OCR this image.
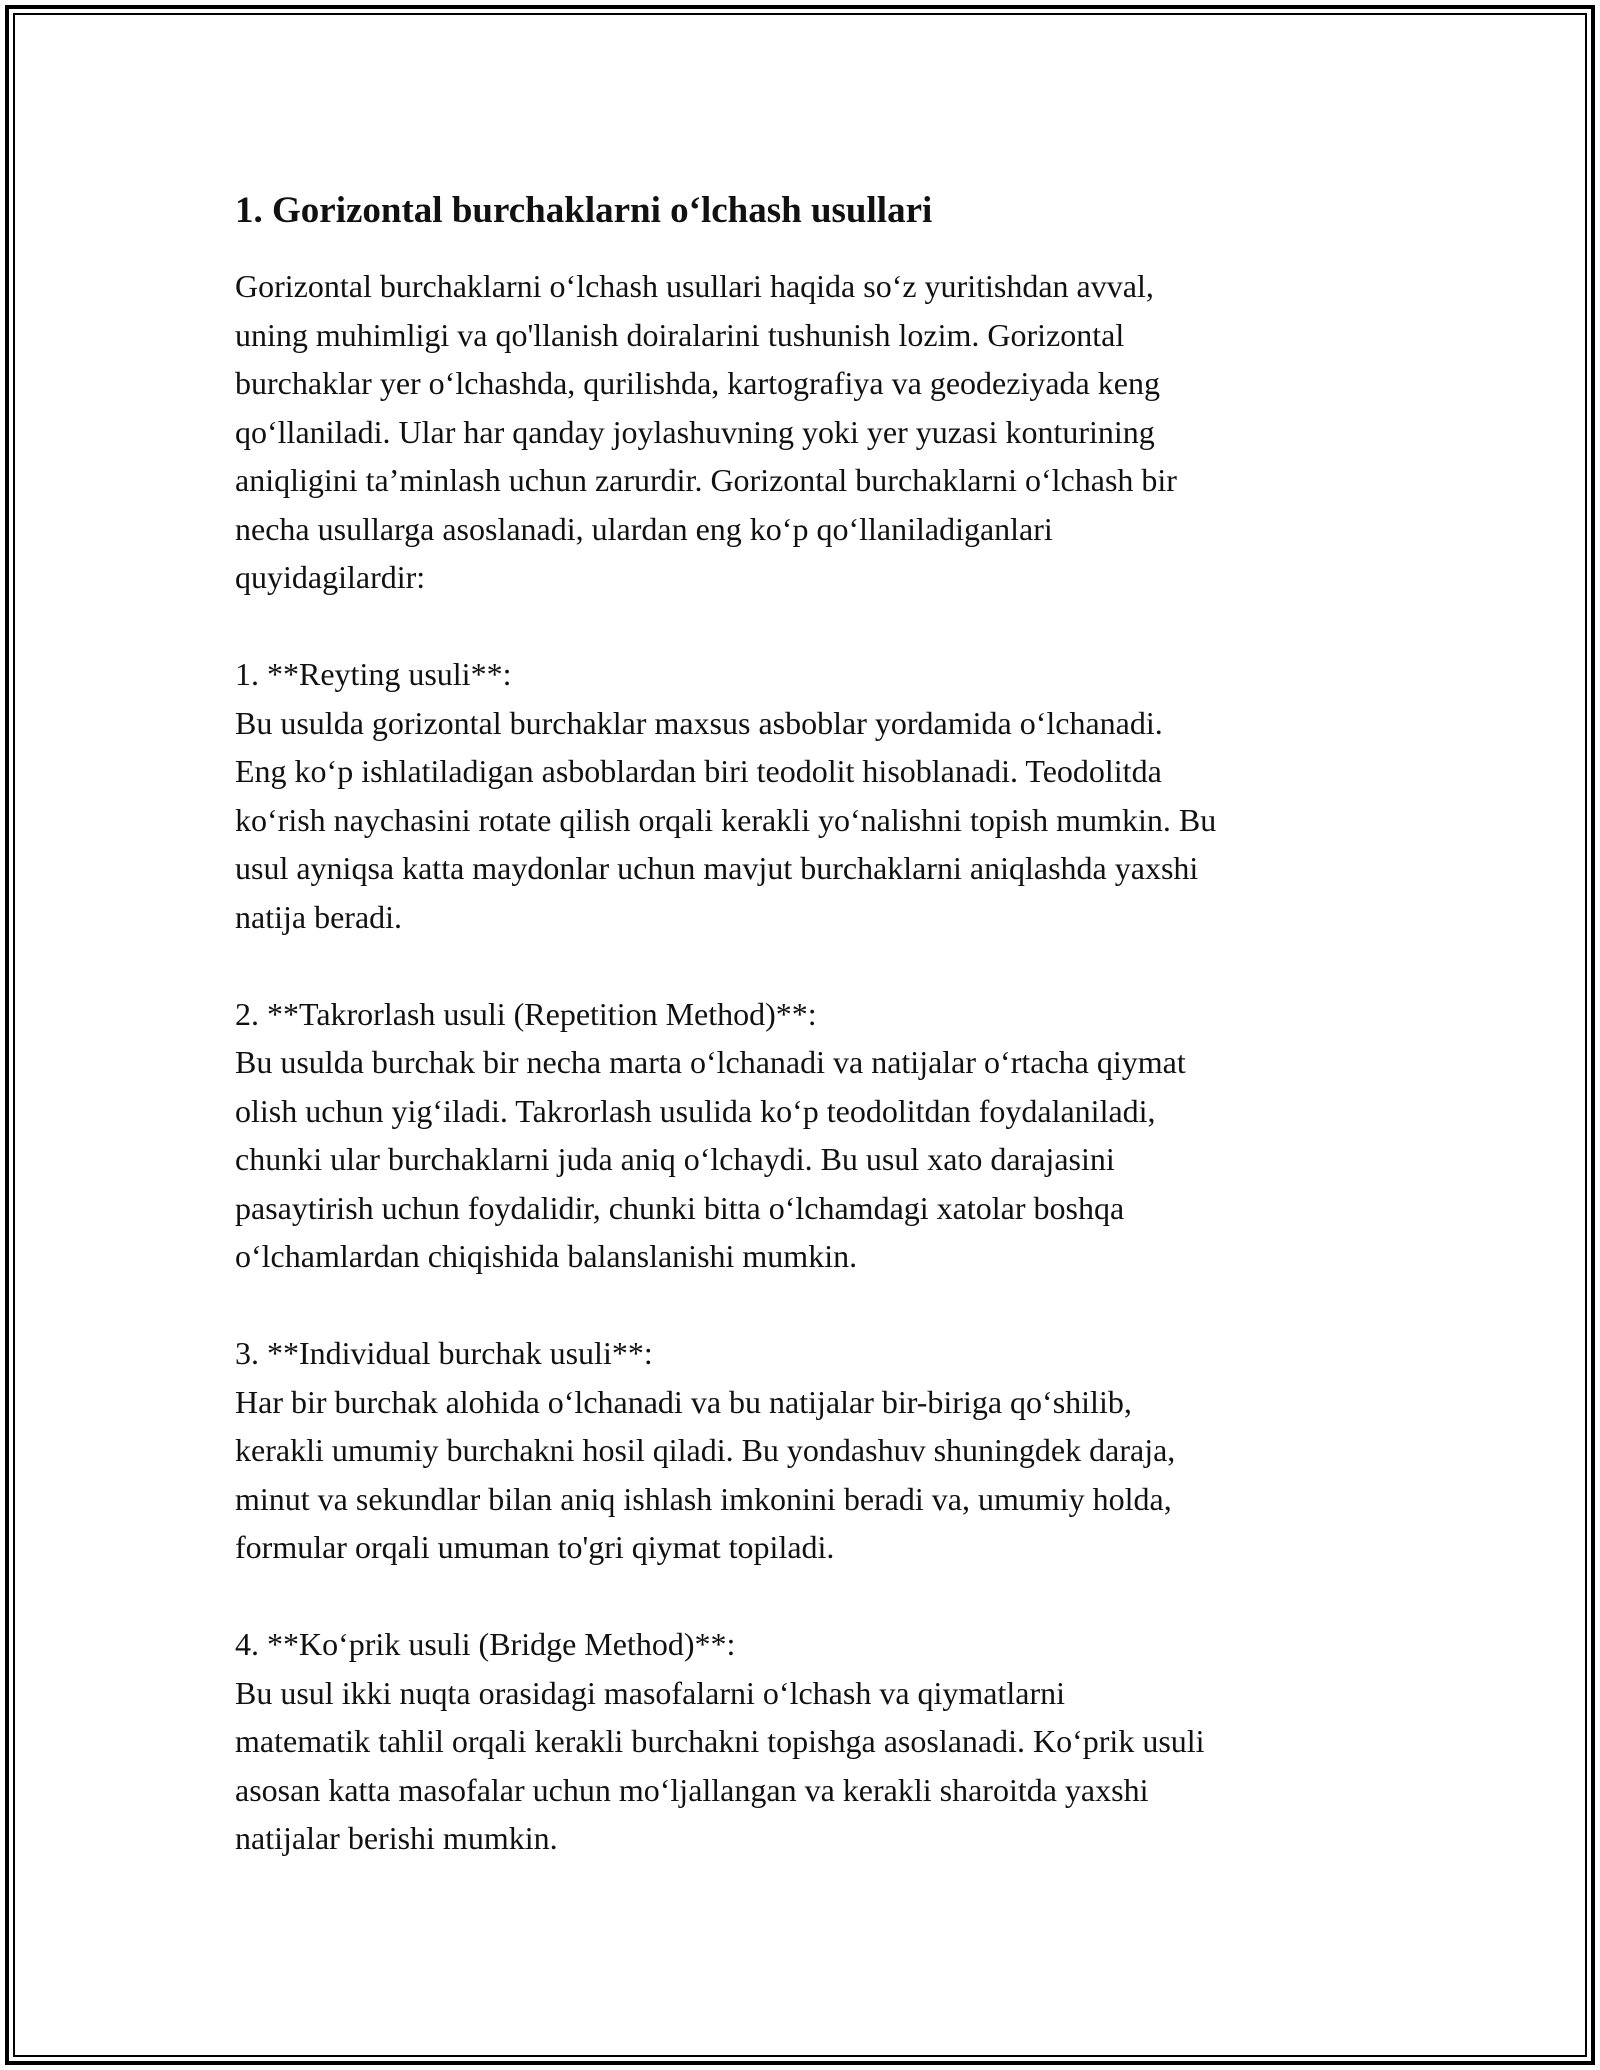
1. Gorizontal burchaklarni o‘lchash usullari

Gorizontal burchaklarni o‘lchash usullari haqida so‘z yuritishdan avval,
uning muhimligi va qo'llanish doiralarini tushunish lozim. Gorizontal
burchaklar yer o‘lchashda, qurilishda, kartografiya va geodeziyada keng
qo‘llaniladi. Ular har qanday joylashuvning yoki yer yuzasi konturining
aniqligini ta’minlash uchun zarurdir. Gorizontal burchaklarni o‘lchash bir
necha usullarga asoslanadi, ulardan eng ko‘p qo‘llaniladiganlari
quyidagilardir:

1. **Reyting usuli**:

Bu usulda gorizontal burchaklar maxsus asboblar yordamida o‘lchanadi.
Eng ko‘p ishlatiladigan asboblardan biri teodolit hisoblanadi. Teodolitda
ko‘rish naychasini rotate qilish orqali kerakli yo‘nalishni topish mumkin. Bu
usul ayniqsa katta maydonlar uchun mavjut burchaklarni aniqlashda yaxshi
natija beradi.

2. **Takrorlash usuli (Repetition Method)**:

Bu usulda burchak bir necha marta o‘lchanadi va natijalar o‘rtacha qiymat
olish uchun yig‘iladi. Takrorlash usulida ko‘p teodolitdan foydalaniladi,
chunki ular burchaklarni juda aniq o‘lchaydi. Bu usul xato darajasini
pasaytirish uchun foydalidir, chunki bitta o‘lchamdagi xatolar boshqa
o‘lchamlardan chiqishida balanslanishi mumkin.

3. **Individual burchak usuli**:

Har bir burchak alohida o‘lchanadi va bu natijalar bir-biriga qo‘shilib,
kerakli umumiy burchakni hosil qiladi. Bu yondashuv shuningdek daraja,
minut va sekundlar bilan aniq ishlash imkonini beradi va, umumiy holda,
formular orqali umuman to'gri qiymat topiladi.

4. **Ko‘prik usuli (Bridge Method)**:

Bu usul ikki nuqta orasidagi masofalarni o‘lchash va qiymatlarni
matematik tahlil orqali kerakli burchakni topishga asoslanadi. Ko‘prik usuli
asosan katta masofalar uchun mo‘ljallangan va kerakli sharoitda yaxshi
natijalar berishi mumkin.
